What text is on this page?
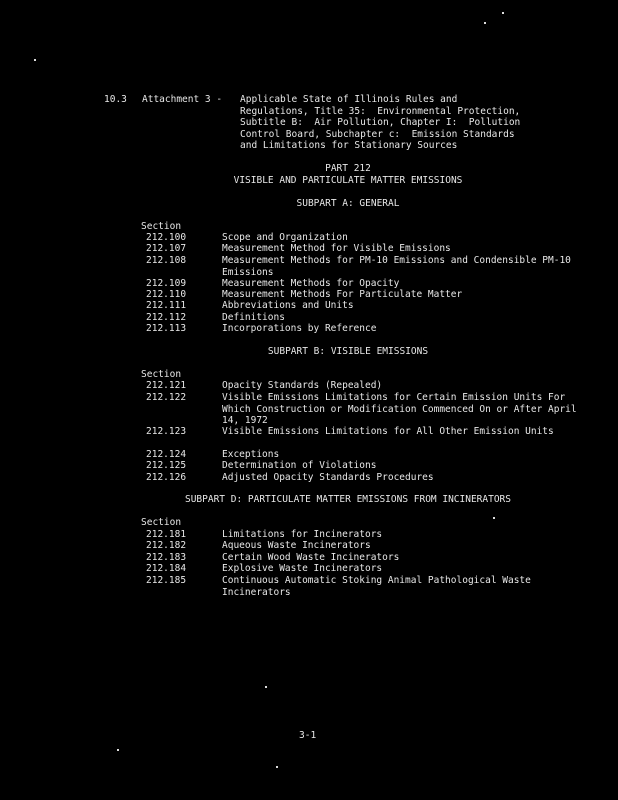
10.3 Attachment 3 - Applicable State of Illinois Rules and
Regulations, Title 35:  Environmental Protection,
Subtitle B:  Air Pollution, Chapter I:  Pollution
Control Board, Subchapter c:  Emission Standards
and Limitations for Stationary Sources
PART 212
VISIBLE AND PARTICULATE MATTER EMISSIONS
SUBPART A: GENERAL
Section
212.100	Scope and Organization
212.107	Measurement Method for Visible Emissions
212.108	Measurement Methods for PM-10 Emissions and Condensible PM-10 Emissions
212.109	Measurement Methods for Opacity
212.110	Measurement Methods For Particulate Matter
212.111	Abbreviations and Units
212.112	Definitions
212.113	Incorporations by Reference
SUBPART B: VISIBLE EMISSIONS
Section
212.121	Opacity Standards (Repealed)
212.122	Visible Emissions Limitations for Certain Emission Units For Which Construction or Modification Commenced On or After April 14, 1972
212.123	Visible Emissions Limitations for All Other Emission Units
212.124	Exceptions
212.125	Determination of Violations
212.126	Adjusted Opacity Standards Procedures
SUBPART D: PARTICULATE MATTER EMISSIONS FROM INCINERATORS
Section
212.181	Limitations for Incinerators
212.182	Aqueous Waste Incinerators
212.183	Certain Wood Waste Incinerators
212.184	Explosive Waste Incinerators
212.185	Continuous Automatic Stoking Animal Pathological Waste Incinerators
3-1
